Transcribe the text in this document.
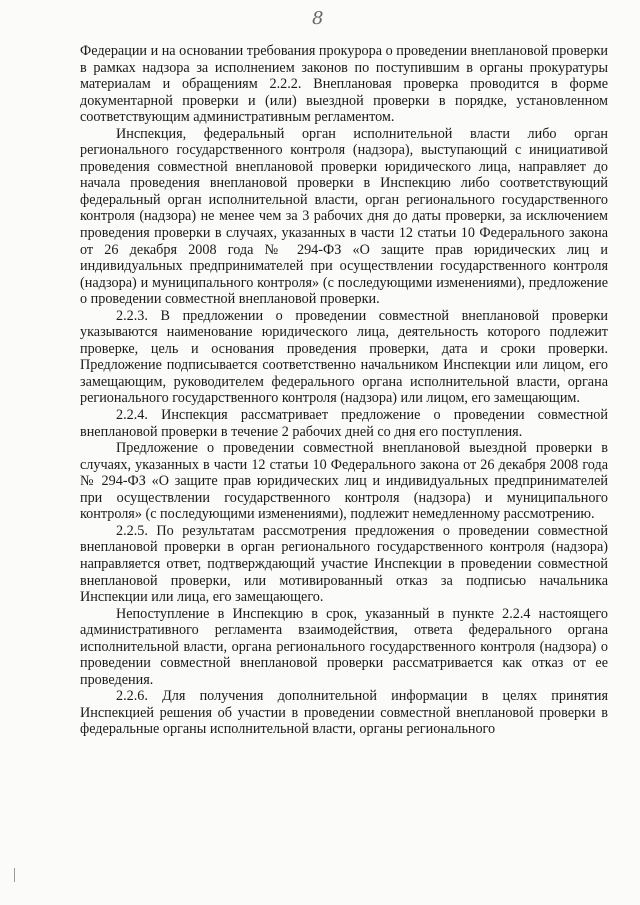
8

Федерации и на основании требования прокурора о проведении внеплановой проверки в рамках надзора за исполнением законов по поступившим в органы прокуратуры материалам и обращениям 2.2.2. Внеплановая проверка проводится в форме документарной проверки и (или) выездной проверки в порядке, установленном соответствующим административным регламентом.

Инспекция, федеральный орган исполнительной власти либо орган регионального государственного контроля (надзора), выступающий с инициативой проведения совместной внеплановой проверки юридического лица, направляет до начала проведения внеплановой проверки в Инспекцию либо соответствующий федеральный орган исполнительной власти, орган регионального государственного контроля (надзора) не менее чем за 3 рабочих дня до даты проверки, за исключением проведения проверки в случаях, указанных в части 12 статьи 10 Федерального закона от 26 декабря 2008 года № 294-ФЗ «О защите прав юридических лиц и индивидуальных предпринимателей при осуществлении государственного контроля (надзора) и муниципального контроля» (с последующими изменениями), предложение о проведении совместной внеплановой проверки.

2.2.3. В предложении о проведении совместной внеплановой проверки указываются наименование юридического лица, деятельность которого подлежит проверке, цель и основания проведения проверки, дата и сроки проверки. Предложение подписывается соответственно начальником Инспекции или лицом, его замещающим, руководителем федерального органа исполнительной власти, органа регионального государственного контроля (надзора) или лицом, его замещающим.

2.2.4. Инспекция рассматривает предложение о проведении совместной внеплановой проверки в течение 2 рабочих дней со дня его поступления.

Предложение о проведении совместной внеплановой выездной проверки в случаях, указанных в части 12 статьи 10 Федерального закона от 26 декабря 2008 года № 294-ФЗ «О защите прав юридических лиц и индивидуальных предпринимателей при осуществлении государственного контроля (надзора) и муниципального контроля» (с последующими изменениями), подлежит немедленному рассмотрению.

2.2.5. По результатам рассмотрения предложения о проведении совместной внеплановой проверки в орган регионального государственного контроля (надзора) направляется ответ, подтверждающий участие Инспекции в проведении совместной внеплановой проверки, или мотивированный отказ за подписью начальника Инспекции или лица, его замещающего.

Непоступление в Инспекцию в срок, указанный в пункте 2.2.4 настоящего административного регламента взаимодействия, ответа федерального органа исполнительной власти, органа регионального государственного контроля (надзора) о проведении совместной внеплановой проверки рассматривается как отказ от ее проведения.

2.2.6. Для получения дополнительной информации в целях принятия Инспекцией решения об участии в проведении совместной внеплановой проверки в федеральные органы исполнительной власти, органы регионального
